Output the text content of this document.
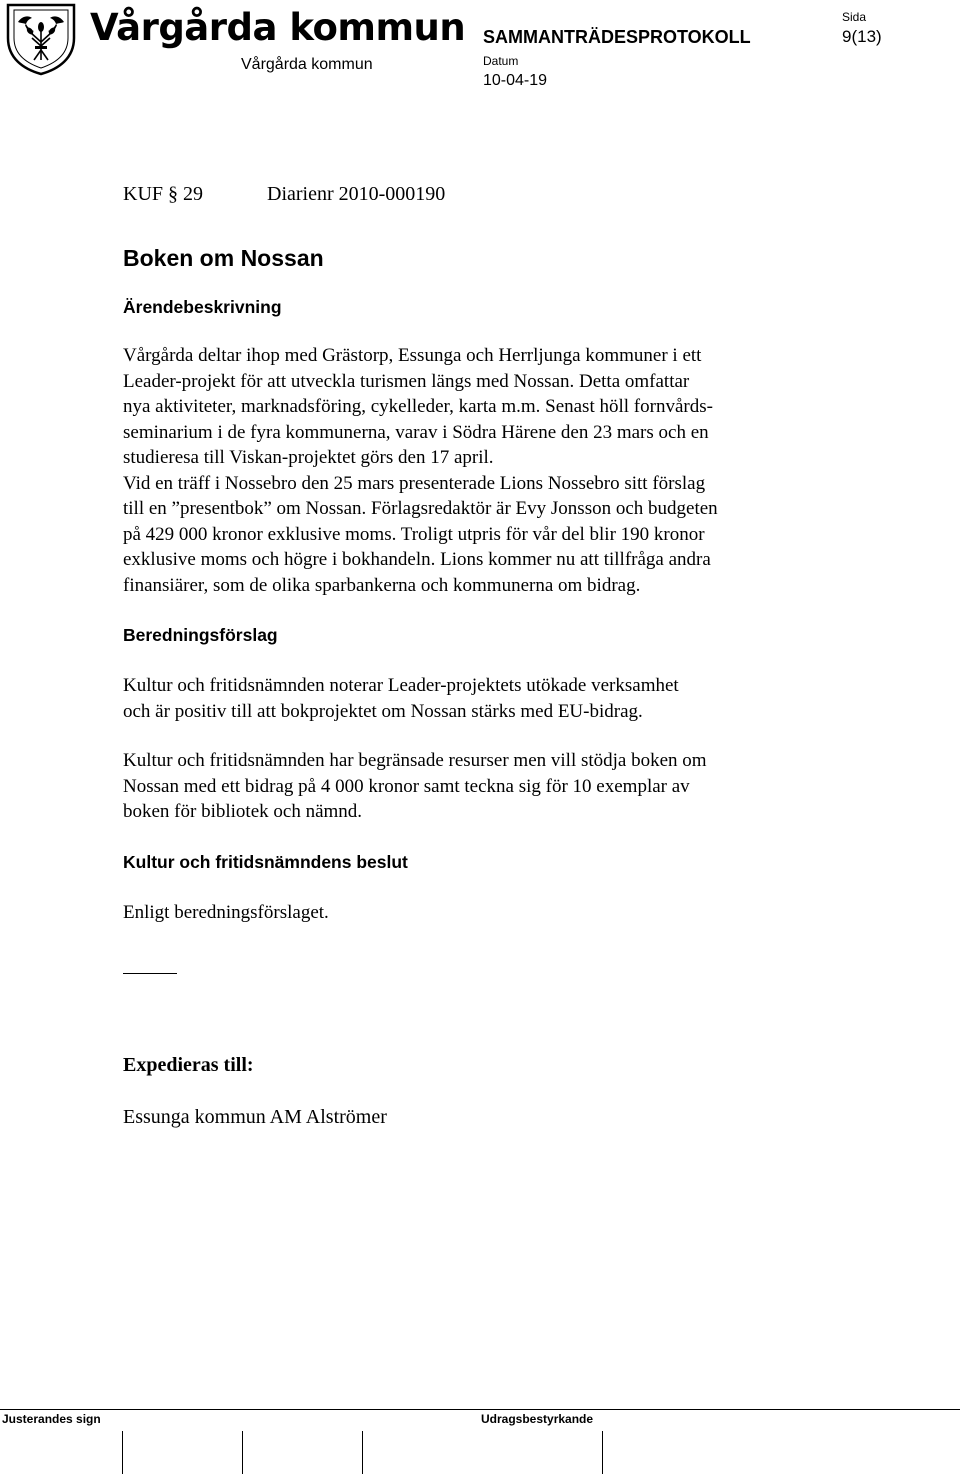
Vårgårda kommun
Vårgårda kommun
SAMMANTRÄDESPROTOKOLL
Datum
10-04-19
Sida
9(13)
KUF § 29	Diarienr 2010-000190
Boken om Nossan
Ärendebeskrivning

Vårgårda deltar ihop med Grästorp, Essunga och Herrljunga kommuner i ett
Leader-projekt för att utveckla turismen längs med Nossan. Detta omfattar
nya aktiviteter, marknadsföring, cykelleder, karta m.m. Senast höll fornvårds-
seminarium i de fyra kommunerna, varav i Södra Härene den 23 mars och en
studieresa till Viskan-projektet görs den 17 april.
Vid en träff i Nossebro den 25 mars presenterade Lions Nossebro sitt förslag
till en ”presentbok” om Nossan. Förlagsredaktör är Evy Jonsson och budgeten
på 429 000 kronor exklusive moms. Troligt utpris för vår del blir 190 kronor
exklusive moms och högre i bokhandeln. Lions kommer nu att tillfråga andra
finansiärer, som de olika sparbankerna och kommunerna om bidrag.

Beredningsförslag

Kultur och fritidsnämnden noterar Leader-projektets utökade verksamhet
och är positiv till att bokprojektet om Nossan stärks med EU-bidrag.

Kultur och fritidsnämnden har begränsade resurser men vill stödja boken om
Nossan med ett bidrag på 4 000 kronor samt teckna sig för 10 exemplar av
boken för bibliotek och nämnd.

Kultur och fritidsnämndens beslut

Enligt beredningsförslaget.

Expedieras till:
Essunga kommun AM Alströmer
Justerandes sign	Udragsbestyrkande
